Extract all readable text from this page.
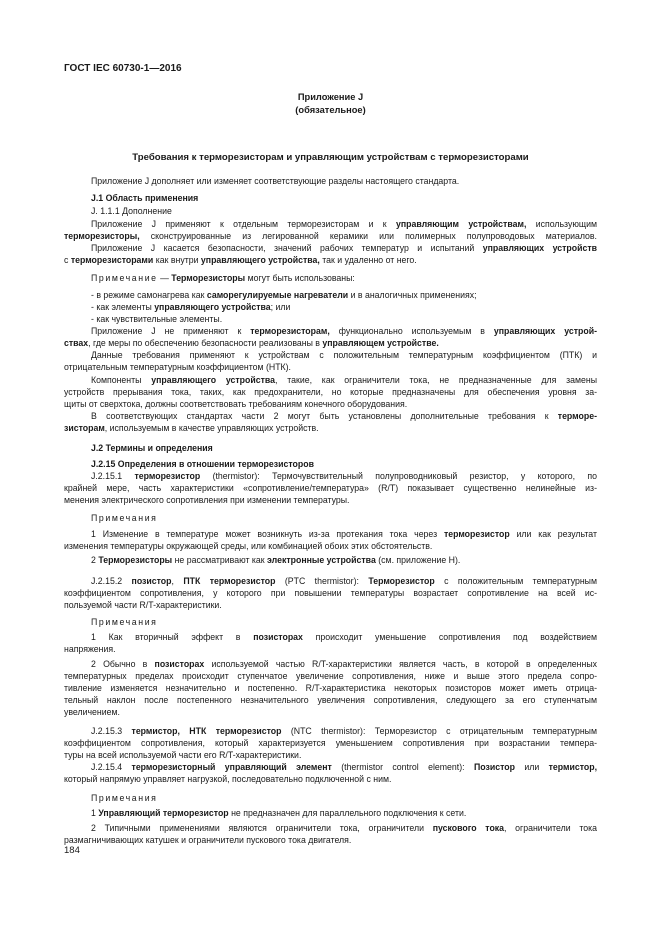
ГОСТ IEC 60730-1—2016
Приложение J
(обязательное)
Требования к терморезисторам и управляющим устройствам с терморезисторами
Приложение J дополняет или изменяет соответствующие разделы настоящего стандарта.
J.1 Область применения
J. 1.1.1 Дополнение
Приложение J применяют к отдельным терморезисторам и к управляющим устройствам, использующим
терморезисторы, сконструированные из легированной керамики или полимерных полупроводовых материалов.
Приложение J касается безопасности, значений рабочих температур и испытаний управляющих устройств
с терморезисторами как внутри управляющего устройства, так и удаленно от него.
Примечание — Терморезисторы могут быть использованы:
- в режиме самонагрева как саморегулируемые нагреватели и в аналогичных применениях;
- как элементы управляющего устройства; или
- как чувствительные элементы.
Приложение J не применяют к терморезисторам, функционально используемым в управляющих устрой-
ствах, где меры по обеспечению безопасности реализованы в управляющем устройстве.
Данные требования применяют к устройствам с положительным температурным коэффициентом (ПТК) и
отрицательным температурным коэффициентом (НТК).
Компоненты управляющего устройства, такие, как ограничители тока, не предназначенные для замены
устройств прерывания тока, таких, как предохранители, но которые предназначены для обеспечения уровня за-
щиты от сверхтока, должны соответствовать требованиям конечного оборудования.
В соответствующих стандартах части 2 могут быть установлены дополнительные требования к терморе-
зисторам, используемым в качестве управляющих устройств.
J.2 Термины и определения
J.2.15 Определения в отношении терморезисторов
J.2.15.1 терморезистор (thermistor): Термочувствительный полупроводниковый резистор, у которого, по
крайней мере, часть характеристики «сопротивление/температура» (R/T) показывает существенно нелинейные из-
менения электрического сопротивления при изменении температуры.
Примечания
1 Изменение в температуре может возникнуть из-за протекания тока через терморезистор или как результат
изменения температуры окружающей среды, или комбинацией обоих этих обстоятельств.
2 Терморезисторы не рассматривают как электронные устройства (см. приложение Н).
J.2.15.2 позистор, ПТК терморезистор (PTC thermistor): Терморезистор с положительным температурным
коэффициентом сопротивления, у которого при повышении температуры возрастает сопротивление на всей ис-
пользуемой части R/T-характеристики.
Примечания
1 Как вторичный эффект в позисторах происходит уменьшение сопротивления под воздействием
напряжения.
2 Обычно в позисторах используемой частью R/T-характеристики является часть, в которой в определенных
температурных пределах происходит ступенчатое увеличение сопротивления, ниже и выше этого предела сопро-
тивление изменяется незначительно и постепенно. R/T-характеристика некоторых позисторов может иметь отрица-
тельный наклон после постепенного незначительного увеличения сопротивления, следующего за его ступенчатым
увеличением.
J.2.15.3 термистор, НТК терморезистор (NTC thermistor): Терморезистор с отрицательным температурным
коэффициентом сопротивления, который характеризуется уменьшением сопротивления при возрастании темпера-
туры на всей используемой части его R/T-характеристики.
J.2.15.4 терморезисторный управляющий элемент (thermistor control element): Позистор или термистор,
который напрямую управляет нагрузкой, последовательно подключенной с ним.
Примечания
1 Управляющий терморезистор не предназначен для параллельного подключения к сети.
2 Типичными применениями являются ограничители тока, ограничители пускового тока, ограничители тока
размагничивающих катушек и ограничители пускового тока двигателя.
184
